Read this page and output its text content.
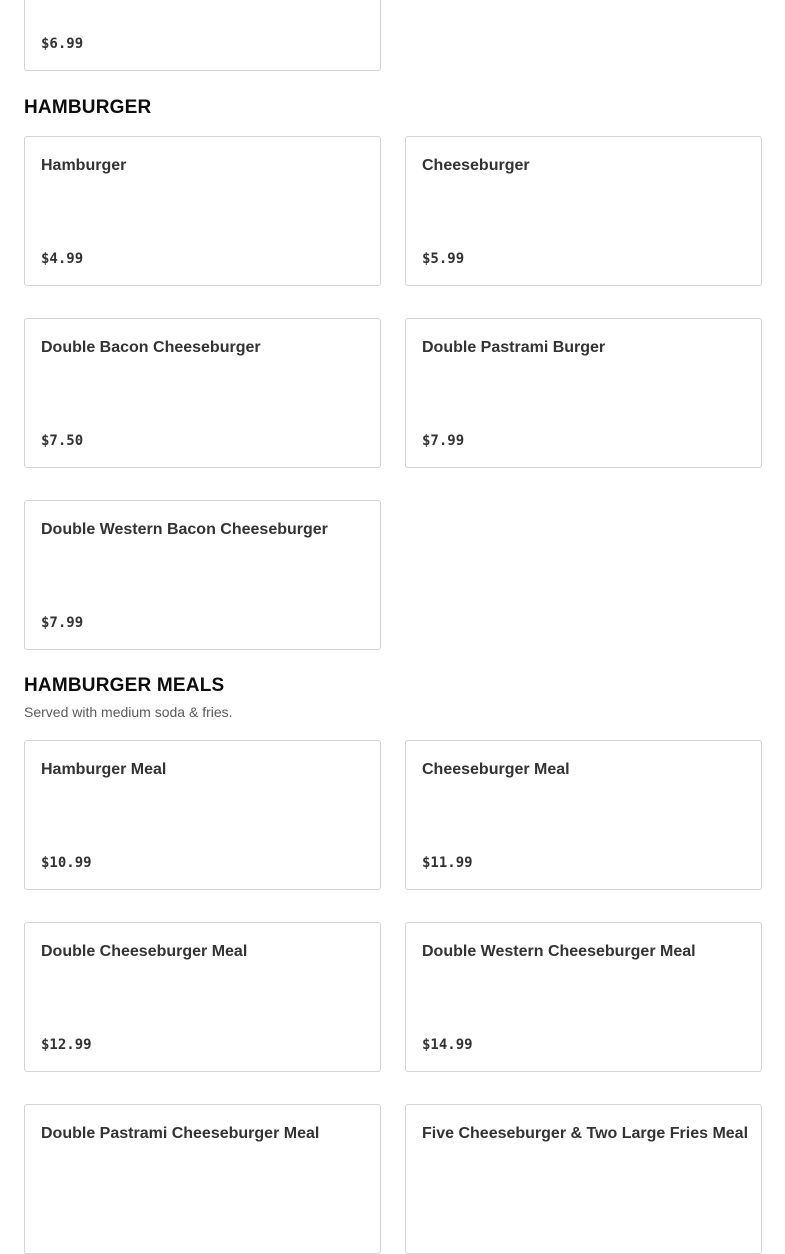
$6.99
HAMBURGER
Hamburger
$4.99
Cheeseburger
$5.99
Double Bacon Cheeseburger
$7.50
Double Pastrami Burger
$7.99
Double Western Bacon Cheeseburger
$7.99
HAMBURGER MEALS
Served with medium soda & fries.
Hamburger Meal
$10.99
Cheeseburger Meal
$11.99
Double Cheeseburger Meal
$12.99
Double Western Cheeseburger Meal
$14.99
Double Pastrami Cheeseburger Meal	Five Cheeseburger & Two Large Fries Meal
